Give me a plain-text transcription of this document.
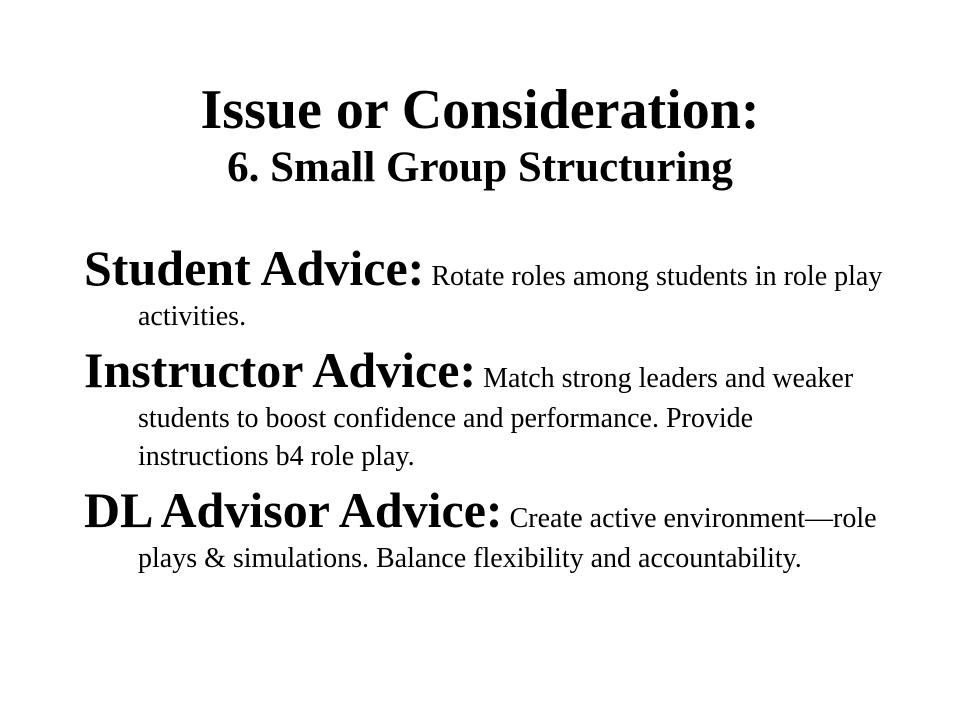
Issue or Consideration:
6. Small Group Structuring
Student Advice: Rotate roles among students in role play activities.
Instructor Advice: Match strong leaders and weaker students to boost confidence and performance. Provide instructions b4 role play.
DL Advisor Advice: Create active environment—role plays & simulations. Balance flexibility and accountability.
